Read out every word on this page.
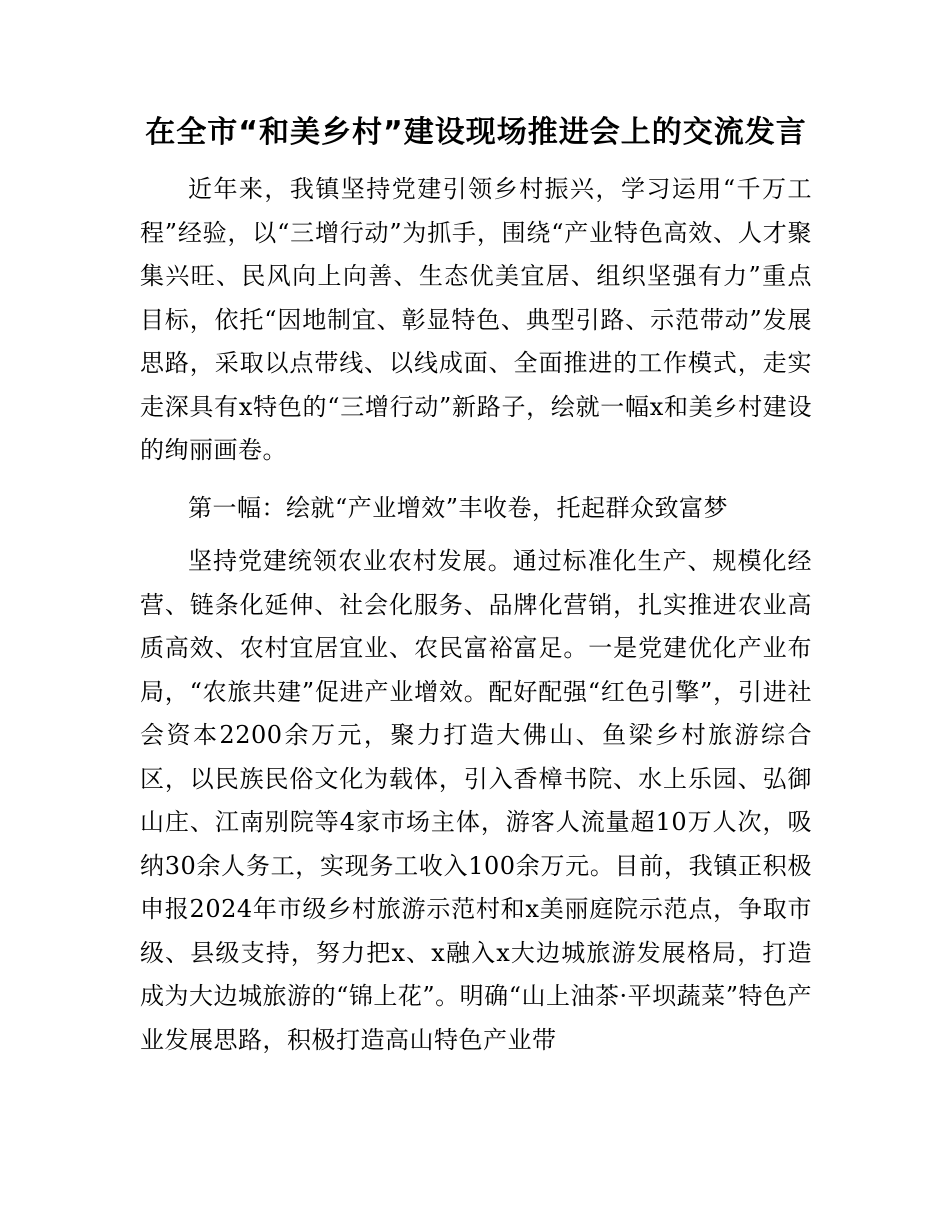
在全市“和美乡村”建设现场推进会上的交流发言

近年来，我镇坚持党建引领乡村振兴，学习运用“千万工程”经验，以“三增行动”为抓手，围绕“产业特色高效、人才聚集兴旺、民风向上向善、生态优美宜居、组织坚强有力”重点目标，依托“因地制宜、彰显特色、典型引路、示范带动”发展思路，采取以点带线、以线成面、全面推进的工作模式，走实走深具有x特色的“三增行动”新路子，绘就一幅x和美乡村建设的绚丽画卷。

第一幅：绘就“产业增效”丰收卷，托起群众致富梦

坚持党建统领农业农村发展。通过标准化生产、规模化经营、链条化延伸、社会化服务、品牌化营销，扎实推进农业高质高效、农村宜居宜业、农民富裕富足。一是党建优化产业布局，“农旅共建”促进产业增效。配好配强“红色引擎”，引进社会资本2200余万元，聚力打造大佛山、鱼梁乡村旅游综合区，以民族民俗文化为载体，引入香樟书院、水上乐园、弘御山庄、江南别院等4家市场主体，游客人流量超10万人次，吸纳30余人务工，实现务工收入100余万元。目前，我镇正积极申报2024年市级乡村旅游示范村和x美丽庭院示范点，争取市级、县级支持，努力把x、x融入x大边城旅游发展格局，打造成为大边城旅游的“锦上花”。明确“山上油茶·平坝蔬菜”特色产业发展思路，积极打造高山特色产业带
